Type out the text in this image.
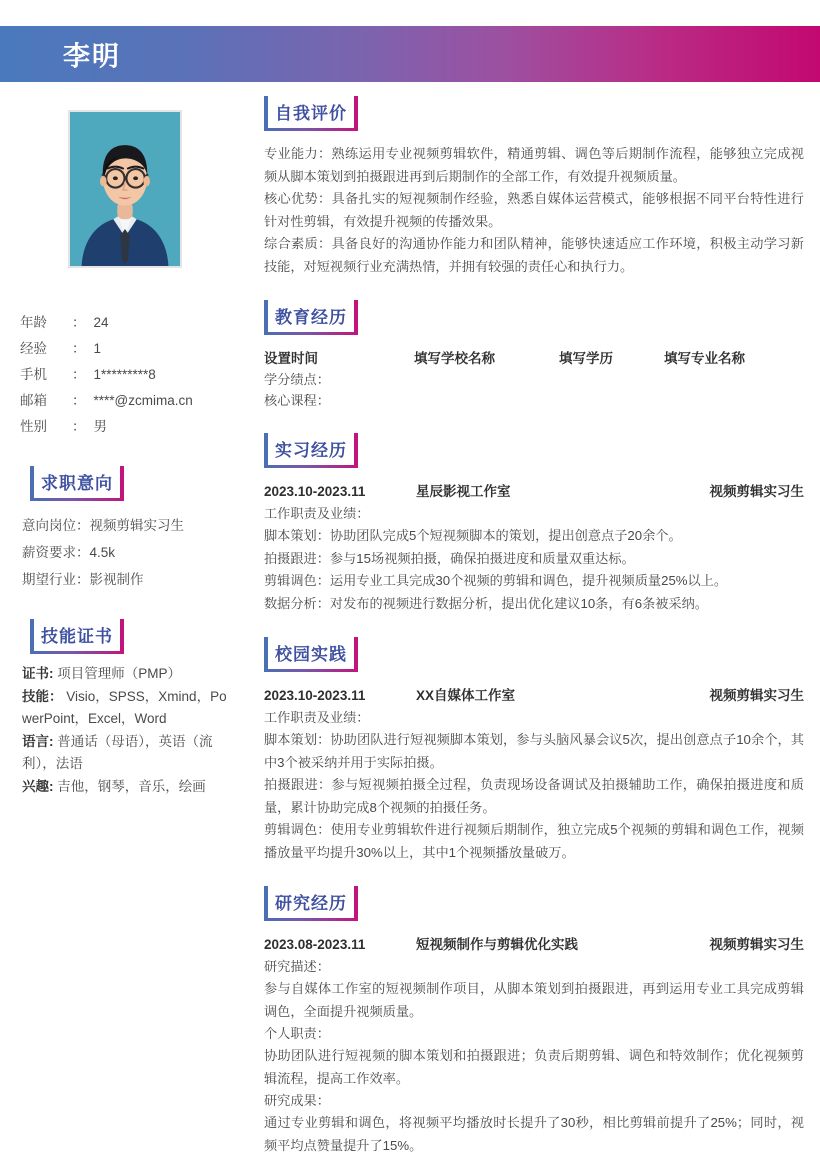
李明
年龄	： 24
经验	： 1
手机	： 1*********8
邮箱	： ****@zcmima.cn
性别	： 男
求职意向
意向岗位：视频剪辑实习生
薪资要求：4.5k
期望行业：影视制作
技能证书
证书: 项目管理师（PMP）
技能： Visio，SPSS，Xmind，PowerPoint，Excel，Word
语言: 普通话（母语），英语（流利），法语
兴趣: 吉他，钢琴，音乐，绘画
自我评价

专业能力：熟练运用专业视频剪辑软件，精通剪辑、调色等后期制作流程，能够独立完成视频从脚本策划到拍摄跟进再到后期制作的全部工作，有效提升视频质量。

核心优势：具备扎实的短视频制作经验，熟悉自媒体运营模式，能够根据不同平台特性进行针对性剪辑，有效提升视频的传播效果。

综合素质：具备良好的沟通协作能力和团队精神，能够快速适应工作环境，积极主动学习新技能，对短视频行业充满热情，并拥有较强的责任心和执行力。

教育经历
设置时间	填写学校名称	填写学历	填写专业名称
学分绩点：
核心课程：
实习经历
2023.10-2023.11	星辰影视工作室	视频剪辑实习生

工作职责及业绩：

脚本策划：协助团队完成5个短视频脚本的策划，提出创意点子20余个。

拍摄跟进：参与15场视频拍摄，确保拍摄进度和质量双重达标。

剪辑调色：运用专业工具完成30个视频的剪辑和调色，提升视频质量25%以上。

数据分析：对发布的视频进行数据分析，提出优化建议10条，有6条被采纳。

校园实践
2023.10-2023.11	XX自媒体工作室	视频剪辑实习生

工作职责及业绩：

脚本策划：协助团队进行短视频脚本策划，参与头脑风暴会议5次，提出创意点子10余个，其中3个被采纳并用于实际拍摄。

拍摄跟进：参与短视频拍摄全过程，负责现场设备调试及拍摄辅助工作，确保拍摄进度和质量，累计协助完成8个视频的拍摄任务。

剪辑调色：使用专业剪辑软件进行视频后期制作，独立完成5个视频的剪辑和调色工作，视频播放量平均提升30%以上，其中1个视频播放量破万。

研究经历
2023.08-2023.11	短视频制作与剪辑优化实践	视频剪辑实习生

研究描述：

参与自媒体工作室的短视频制作项目，从脚本策划到拍摄跟进，再到运用专业工具完成剪辑调色，全面提升视频质量。

个人职责：

协助团队进行短视频的脚本策划和拍摄跟进；负责后期剪辑、调色和特效制作；优化视频剪辑流程，提高工作效率。

研究成果：

通过专业剪辑和调色，将视频平均播放时长提升了30秒，相比剪辑前提升了25%；同时，视频平均点赞量提升了15%。
